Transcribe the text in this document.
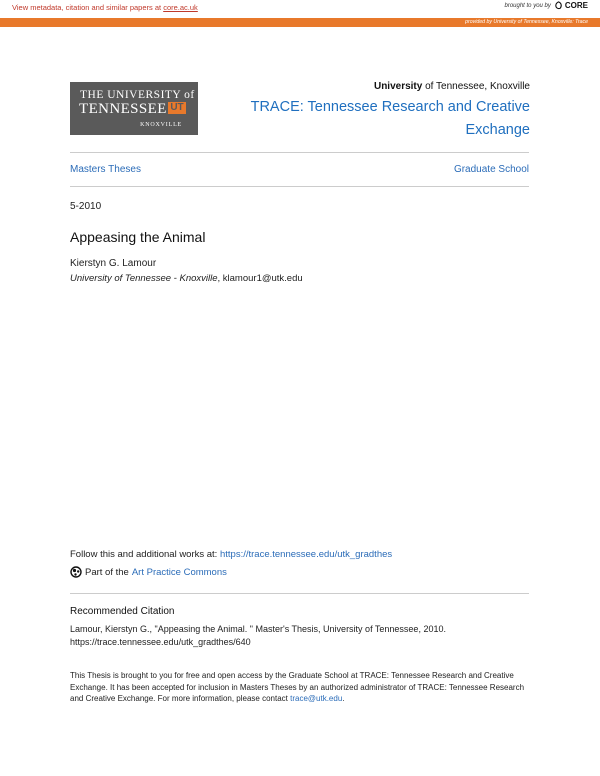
View metadata, citation and similar papers at core.ac.uk	brought to you by CORE
provided by University of Tennessee, Knoxville: Trace
THE UNIVERSITY of
TENNESSEE UT
KNOXVILLE
University of Tennessee, Knoxville
TRACE: Tennessee Research and Creative Exchange
Masters Theses	Graduate School
5-2010
Appeasing the Animal
Kierstyn G. Lamour
University of Tennessee - Knoxville, klamour1@utk.edu
Follow this and additional works at: https://trace.tennessee.edu/utk_gradthes
Part of the Art Practice Commons
Recommended Citation
Lamour, Kierstyn G., "Appeasing the Animal. " Master's Thesis, University of Tennessee, 2010. https://trace.tennessee.edu/utk_gradthes/640
This Thesis is brought to you for free and open access by the Graduate School at TRACE: Tennessee Research and Creative Exchange. It has been accepted for inclusion in Masters Theses by an authorized administrator of TRACE: Tennessee Research and Creative Exchange. For more information, please contact trace@utk.edu.
